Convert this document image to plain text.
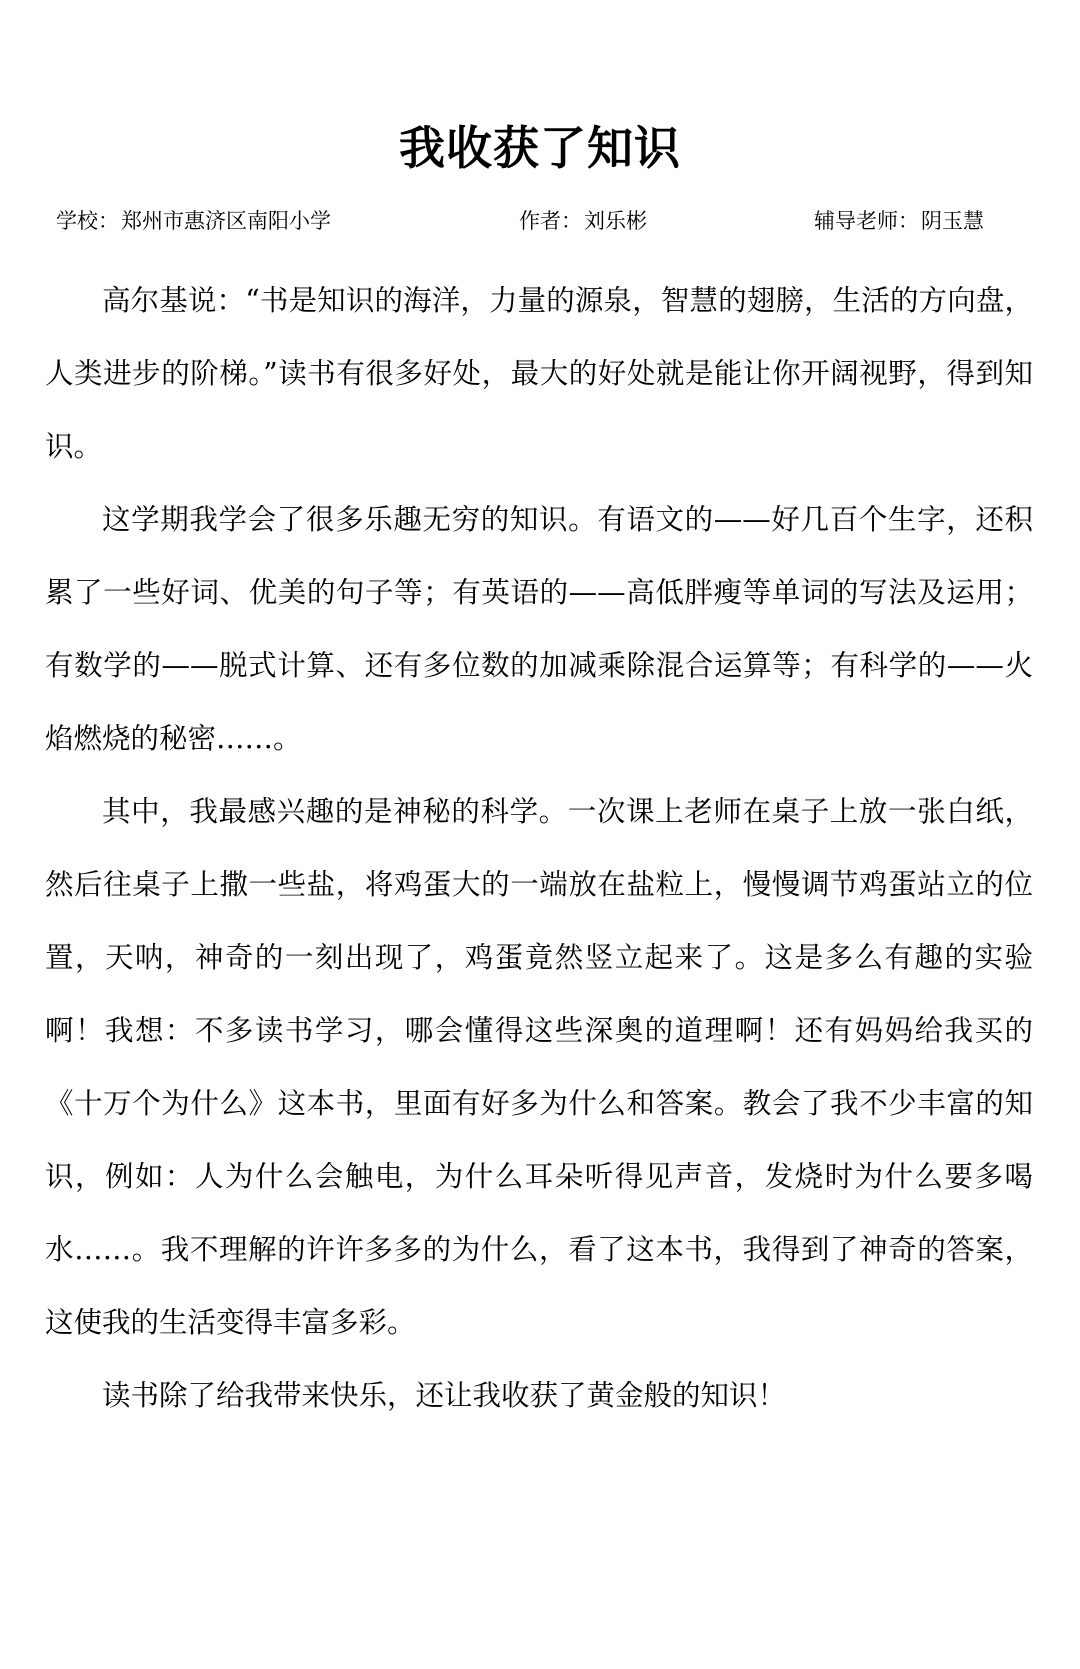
我收获了知识
学校：郑州市惠济区南阳小学	作者：刘乐彬	辅导老师：阴玉慧

高尔基说：“书是知识的海洋，力量的源泉，智慧的翅膀，生活的方向盘，人类进步的阶梯。”读书有很多好处，最大的好处就是能让你开阔视野，得到知识。

这学期我学会了很多乐趣无穷的知识。有语文的——好几百个生字，还积累了一些好词、优美的句子等；有英语的——高低胖瘦等单词的写法及运用；有数学的——脱式计算、还有多位数的加减乘除混合运算等；有科学的——火焰燃烧的秘密……。

其中，我最感兴趣的是神秘的科学。一次课上老师在桌子上放一张白纸，然后往桌子上撒一些盐，将鸡蛋大的一端放在盐粒上，慢慢调节鸡蛋站立的位置，天呐，神奇的一刻出现了，鸡蛋竟然竖立起来了。这是多么有趣的实验啊！我想：不多读书学习，哪会懂得这些深奥的道理啊！还有妈妈给我买的《十万个为什么》这本书，里面有好多为什么和答案。教会了我不少丰富的知识，例如：人为什么会触电，为什么耳朵听得见声音，发烧时为什么要多喝水……。我不理解的许许多多的为什么，看了这本书，我得到了神奇的答案，这使我的生活变得丰富多彩。

读书除了给我带来快乐，还让我收获了黄金般的知识！
